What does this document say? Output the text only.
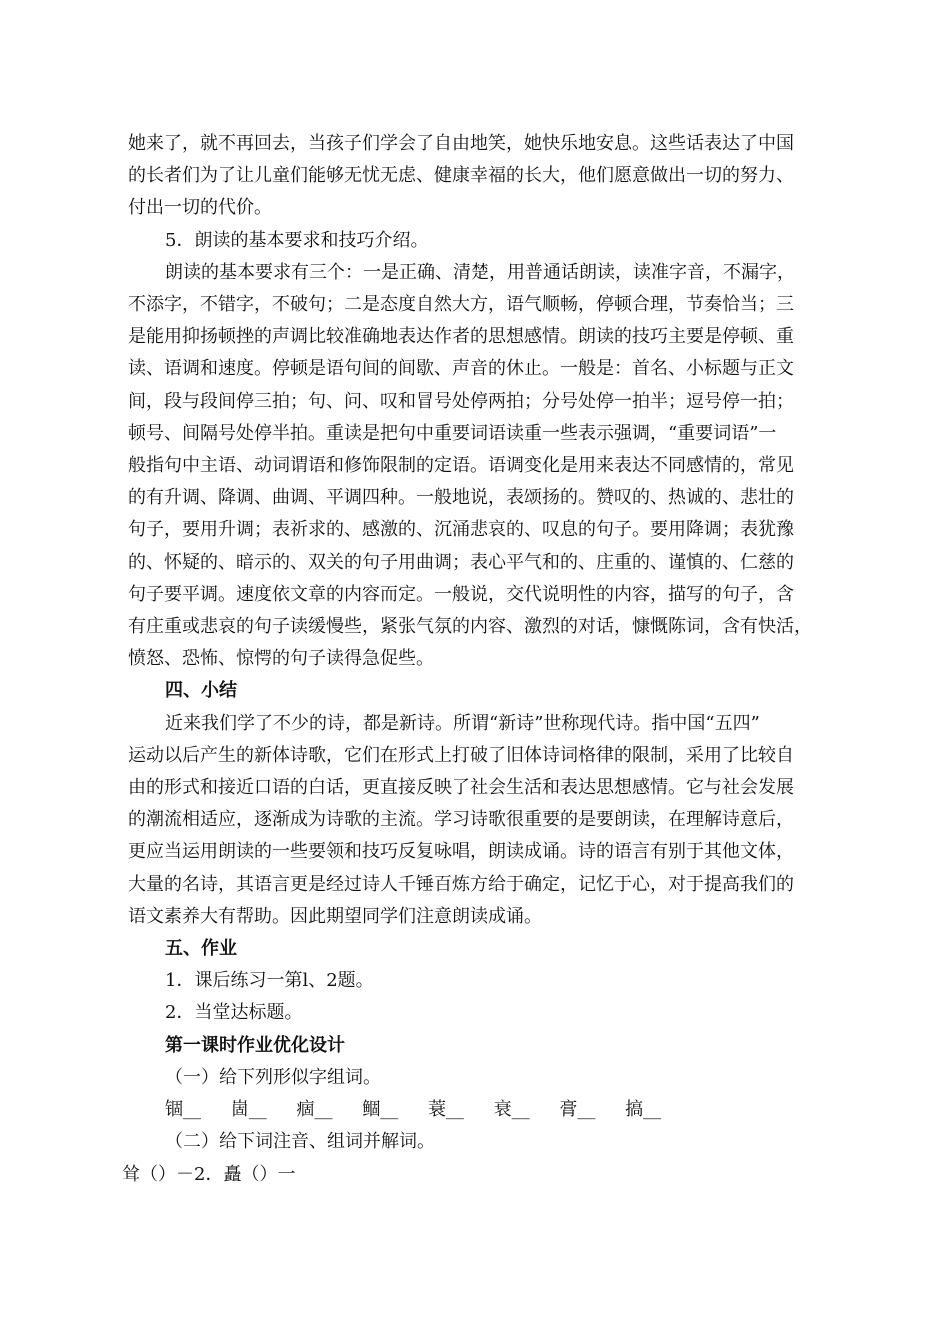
她来了，就不再回去，当孩子们学会了自由地笑，她快乐地安息。这些话表达了中国

的长者们为了让儿童们能够无忧无虑、健康幸福的长大，他们愿意做出一切的努力、

付出一切的代价。

5．朗读的基本要求和技巧介绍。

朗读的基本要求有三个：一是正确、清楚，用普通话朗读，读准字音，不漏字，

不添字，不错字，不破句；二是态度自然大方，语气顺畅，停顿合理，节奏恰当；三

是能用抑扬顿挫的声调比较准确地表达作者的思想感情。朗读的技巧主要是停顿、重

读、语调和速度。停顿是语句间的间歇、声音的休止。一般是：首名、小标题与正文

间，段与段间停三拍；句、问、叹和冒号处停两拍；分号处停一拍半；逗号停一拍；

顿号、间隔号处停半拍。重读是把句中重要词语读重一些表示强调，“重要词语”一

般指句中主语、动词谓语和修饰限制的定语。语调变化是用来表达不同感情的，常见

的有升调、降调、曲调、平调四种。一般地说，表颂扬的。赞叹的、热诚的、悲壮的

句子，要用升调；表祈求的、感激的、沉涌悲哀的、叹息的句子。要用降调；表犹豫

的、怀疑的、暗示的、双关的句子用曲调；表心平气和的、庄重的、谨慎的、仁慈的

句子要平调。速度依文章的内容而定。一般说，交代说明性的内容，描写的句子，含

有庄重或悲哀的句子读缓慢些，紧张气氛的内容、激烈的对话，慷慨陈词，含有快活，

愤怒、恐怖、惊愕的句子读得急促些。

四、小结

近来我们学了不少的诗，都是新诗。所谓“新诗”世称现代诗。指中国“五四”

运动以后产生的新体诗歌，它们在形式上打破了旧体诗词格律的限制，采用了比较自

由的形式和接近口语的白话，更直接反映了社会生活和表达思想感情。它与社会发展

的潮流相适应，逐渐成为诗歌的主流。学习诗歌很重要的是要朗读，在理解诗意后，

更应当运用朗读的一些要领和技巧反复咏唱，朗读成诵。诗的语言有别于其他文体，

大量的名诗，其语言更是经过诗人千锤百炼方给于确定，记忆于心，对于提高我们的

语文素养大有帮助。因此期望同学们注意朗读成诵。

五、作业

1．课后练习一第l、2题。

2．当堂达标题。

第一课时作业优化设计

（一）给下列形似字组词。

锢__ 崮__ 痼__ 鲴__ 蓑__ 衰__ 膏__ 搞__

（二）给下词注音、组词并解词。

耸（）－2．矗（）一
